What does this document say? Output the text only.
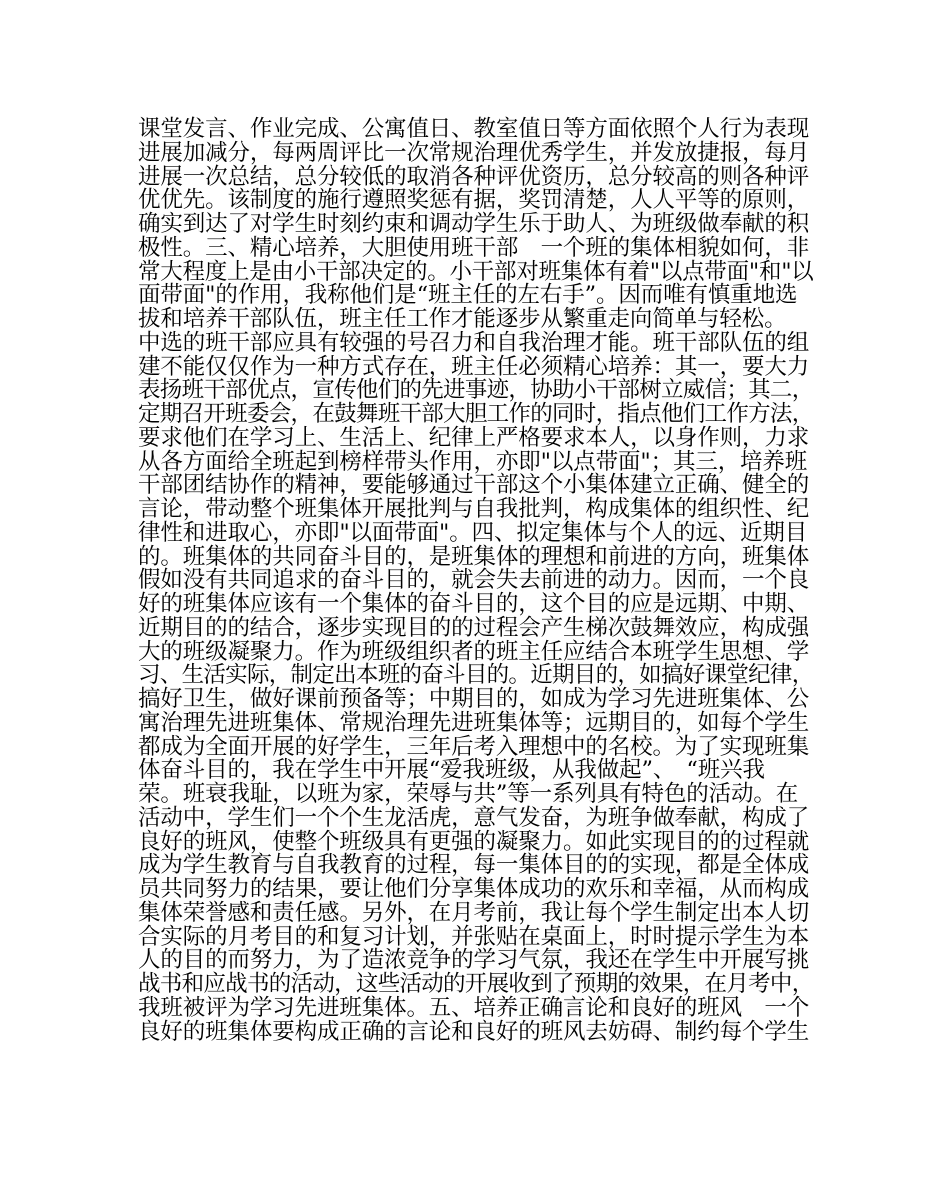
课堂发言、作业完成、公寓值日、教室值日等方面依照个人行为表现
进展加减分，每两周评比一次常规治理优秀学生，并发放捷报，每月
进展一次总结，总分较低的取消各种评优资历，总分较高的则各种评
优优先。该制度的施行遵照奖惩有据，奖罚清楚，人人平等的原则，
确实到达了对学生时刻约束和调动学生乐于助人、为班级做奉献的积
极性。三、精心培养，大胆使用班干部　一个班的集体相貌如何，非
常大程度上是由小干部决定的。小干部对班集体有着"以点带面"和"以
面带面"的作用，我称他们是“班主任的左右手”。因而唯有慎重地选
拔和培养干部队伍，班主任工作才能逐步从繁重走向简单与轻松。
中选的班干部应具有较强的号召力和自我治理才能。班干部队伍的组
建不能仅仅作为一种方式存在，班主任必须精心培养：其一，要大力
表扬班干部优点，宣传他们的先进事迹，协助小干部树立威信；其二，
定期召开班委会，在鼓舞班干部大胆工作的同时，指点他们工作方法，
要求他们在学习上、生活上、纪律上严格要求本人，以身作则，力求
从各方面给全班起到榜样带头作用，亦即"以点带面"；其三，培养班
干部团结协作的精神，要能够通过干部这个小集体建立正确、健全的
言论，带动整个班集体开展批判与自我批判，构成集体的组织性、纪
律性和进取心，亦即"以面带面"。四、拟定集体与个人的远、近期目
的。班集体的共同奋斗目的，是班集体的理想和前进的方向，班集体
假如没有共同追求的奋斗目的，就会失去前进的动力。因而，一个良
好的班集体应该有一个集体的奋斗目的，这个目的应是远期、中期、
近期目的的结合，逐步实现目的的过程会产生梯次鼓舞效应，构成强
大的班级凝聚力。作为班级组织者的班主任应结合本班学生思想、学
习、生活实际，制定出本班的奋斗目的。近期目的，如搞好课堂纪律，
搞好卫生，做好课前预备等；中期目的，如成为学习先进班集体、公
寓治理先进班集体、常规治理先进班集体等；远期目的，如每个学生
都成为全面开展的好学生，三年后考入理想中的名校。为了实现班集
体奋斗目的，我在学生中开展“爱我班级，从我做起”、　“班兴我
荣。班衰我耻，以班为家，荣辱与共”等一系列具有特色的活动。在
活动中，学生们一个个生龙活虎，意气发奋，为班争做奉献，构成了
良好的班风，使整个班级具有更强的凝聚力。如此实现目的的过程就
成为学生教育与自我教育的过程，每一集体目的的实现，都是全体成
员共同努力的结果，要让他们分享集体成功的欢乐和幸福，从而构成
集体荣誉感和责任感。另外，在月考前，我让每个学生制定出本人切
合实际的月考目的和复习计划，并张贴在桌面上，时时提示学生为本
人的目的而努力，为了造浓竞争的学习气氛，我还在学生中开展写挑
战书和应战书的活动，这些活动的开展收到了预期的效果，在月考中，
我班被评为学习先进班集体。五、培养正确言论和良好的班风　一个
良好的班集体要构成正确的言论和良好的班风去妨碍、制约每个学生
